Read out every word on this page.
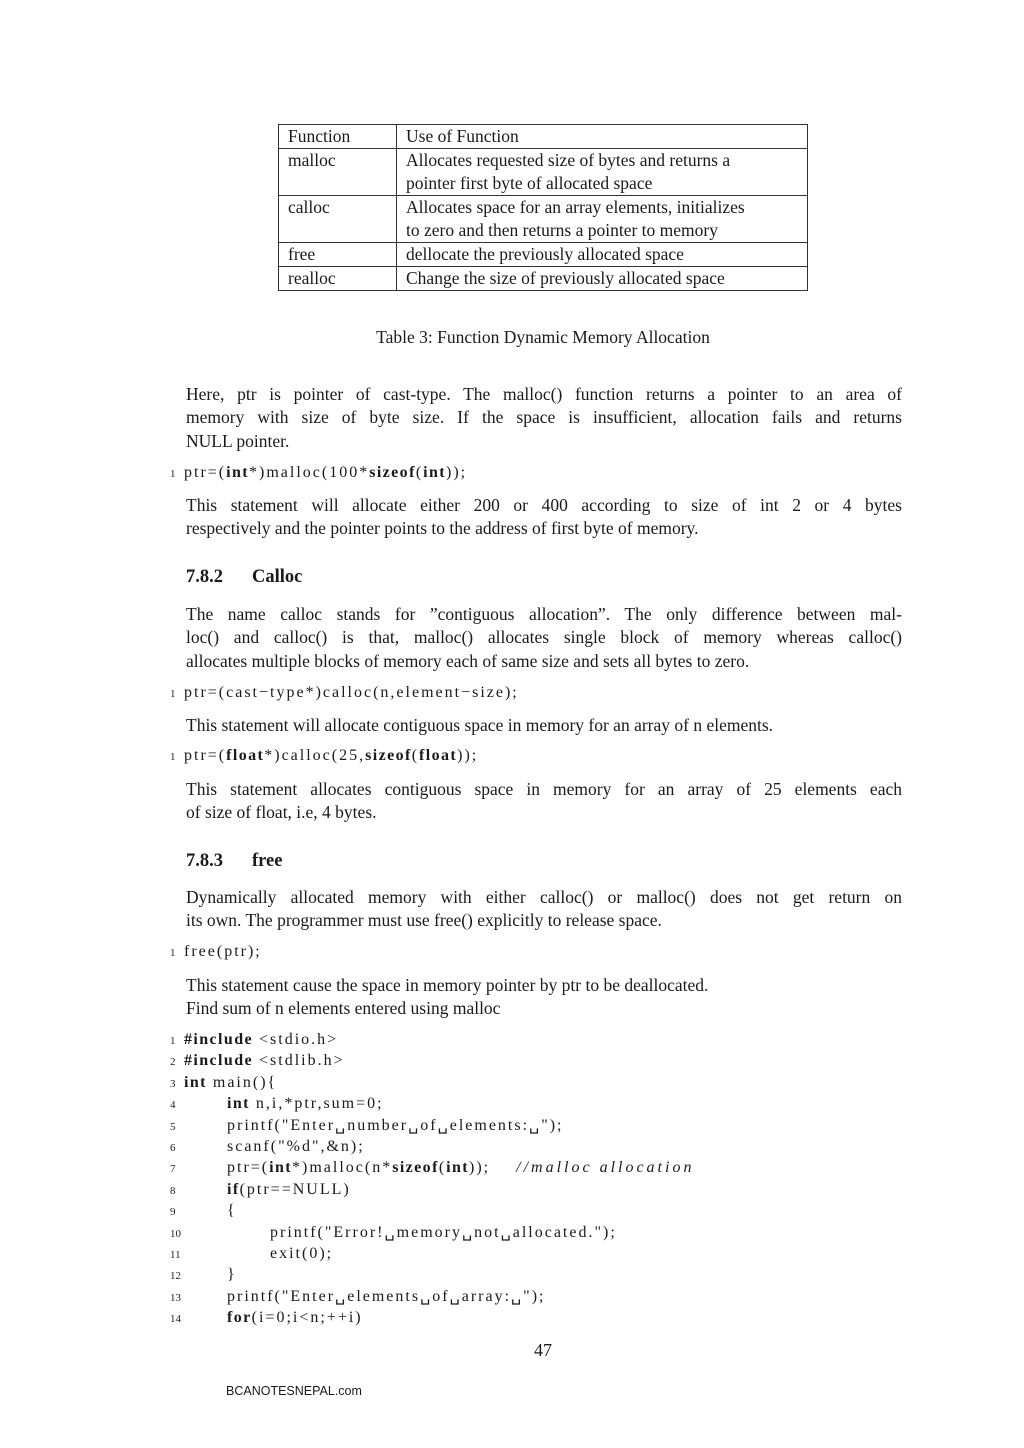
Function	Use of Function
malloc	Allocates requested size of bytes and returns a
pointer first byte of allocated space

calloc	Allocates space for an array elements, initializes
to zero and then returns a pointer to memory

free	dellocate the previously allocated space
realloc	Change the size of previously allocated space
Table 3: Function Dynamic Memory Allocation
Here, ptr is pointer of cast-type. The malloc() function returns a pointer to an area of
memory with size of byte size. If the space is insufficient, allocation fails and returns
NULL pointer.
1 ptr=(int*)malloc(100*sizeof(int));
This statement will allocate either 200 or 400 according to size of int 2 or 4 bytes
respectively and the pointer points to the address of first byte of memory.
7.8.2 Calloc
The name calloc stands for ”contiguous allocation”. The only difference between mal-
loc() and calloc() is that, malloc() allocates single block of memory whereas calloc()
allocates multiple blocks of memory each of same size and sets all bytes to zero.
1 ptr=(cast−type*)calloc(n,element−size);
This statement will allocate contiguous space in memory for an array of n elements.
1 ptr=(float*)calloc(25,sizeof(float));
This statement allocates contiguous space in memory for an array of 25 elements each
of size of float, i.e, 4 bytes.
7.8.3 free
Dynamically allocated memory with either calloc() or malloc() does not get return on
its own. The programmer must use free() explicitly to release space.
1 free(ptr);
This statement cause the space in memory pointer by ptr to be deallocated.
Find sum of n elements entered using malloc
1 #include <stdio.h>
2 #include <stdlib.h>
3 int main(){
4	int n,i,*ptr,sum=0;
5	printf("Enter␣number␣of␣elements:␣");
6	scanf("%d",&n);
7	ptr=(int*)malloc(n*sizeof(int)); //malloc allocation
8	if(ptr==NULL)
9	{
10	printf("Error!␣memory␣not␣allocated.");
11	exit(0);
12	}
13	printf("Enter␣elements␣of␣array:␣");
14	for(i=0;i<n;++i)
47
BCANOTESNEPAL.com
